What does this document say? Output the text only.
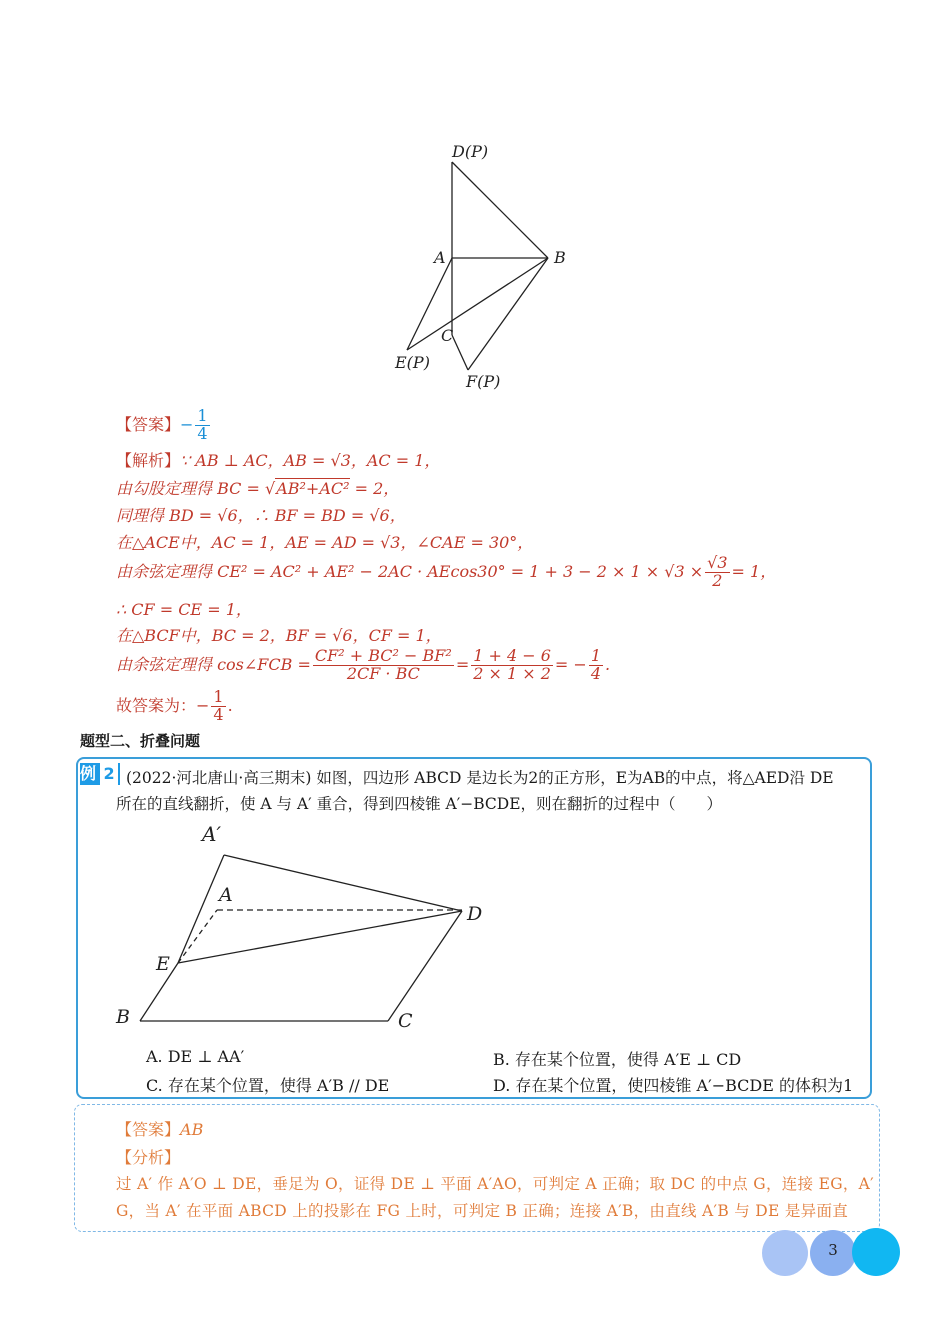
D(P)
A	B
C
E(P)
F(P)
【答案】− $\frac{1}{4}$
【解析】∵ AB ⊥ AC，AB = √3，AC = 1，
由勾股定理得 BC = √AB²+AC² = 2，
同理得 BD = √6，∴ BF = BD = √6，
在△ACE中，AC = 1，AE = AD = √3，∠CAE = 30°，
由余弦定理得 $CE^2 = AC^2 + AE^2 - 2AC \cdot AEcos30^\circ = 1 + 3 - 2 \times 1 \times √3 \times \frac{√3}{2} = 1$，
∴ CF = CE = 1，
在△BCF中，BC = 2，BF = √6，CF = 1，
由余弦定理得 cos∠FCB = $\frac{\text{CF² + BC² − BF²}}{2CF \cdot BC} = \frac{1 + 4 - 6}{2 \times 1 \times 2}$ = − $\frac{1}{4}$ .
故答案为：− $\frac{1}{4}$ .
题型二、折叠问题
例 2 (2022·河北唐山·高三期末) 如图，四边形 ABCD 是边长为2的正方形，E为AB的中点，将△AED沿 DE
所在的直线翻折，使 A 与 A′ 重合，得到四棱锥 A′−BCDE，则在翻折的过程中（　　）
A′
A
D
E
B	C
A. DE ⊥ AA′	B. 存在某个位置，使得 A′E ⊥ CD
C. 存在某个位置，使得 A′B // DE	D. 存在某个位置，使四棱锥 A′−BCDE 的体积为1
【答案】AB
【分析】
过 A′ 作 A′O ⊥ DE，垂足为 O，证得 DE ⊥ 平面 A′AO，可判定 A 正确；取 DC 的中点 G，连接 EG，A′
G，当 A′ 在平面 ABCD 上的投影在 FG 上时，可判定 B 正确；连接 A′B，由直线 A′B 与 DE 是异面直
3
